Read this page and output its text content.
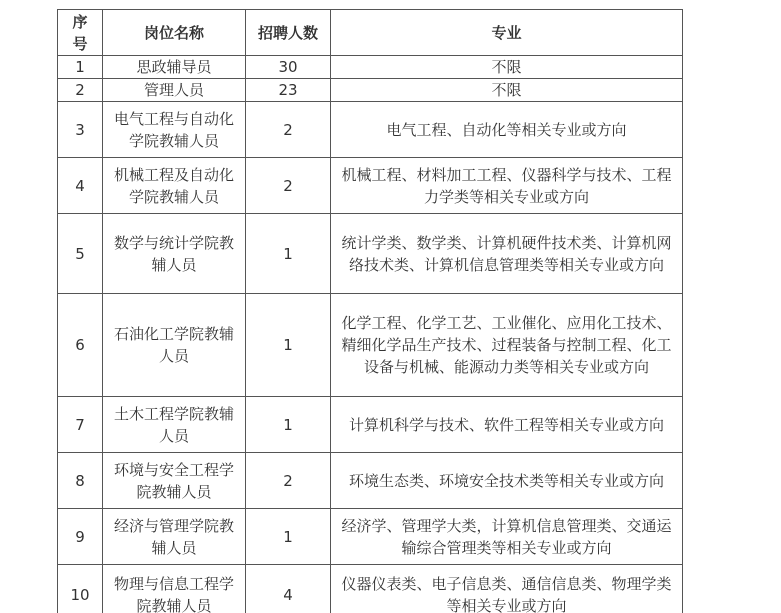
序号	岗位名称	招聘人数	专业
1	思政辅导员	30	不限
2	管理人员	23	不限
3	电气工程与自动化学院教辅人员	2	电气工程、自动化等相关专业或方向
4	机械工程及自动化学院教辅人员	2	机械工程、材料加工工程、仪器科学与技术、工程力学类等相关专业或方向
5	数学与统计学院教辅人员	1	统计学类、数学类、计算机硬件技术类、计算机网络技术类、计算机信息管理类等相关专业或方向
6	石油化工学院教辅人员	1	化学工程、化学工艺、工业催化、应用化工技术、精细化学品生产技术、过程装备与控制工程、化工设备与机械、能源动力类等相关专业或方向
7	土木工程学院教辅人员	1	计算机科学与技术、软件工程等相关专业或方向
8	环境与安全工程学院教辅人员	2	环境生态类、环境安全技术类等相关专业或方向
9	经济与管理学院教辅人员	1	经济学、管理学大类，计算机信息管理类、交通运输综合管理类等相关专业或方向
10	物理与信息工程学院教辅人员	4	仪器仪表类、电子信息类、通信信息类、物理学类等相关专业或方向
